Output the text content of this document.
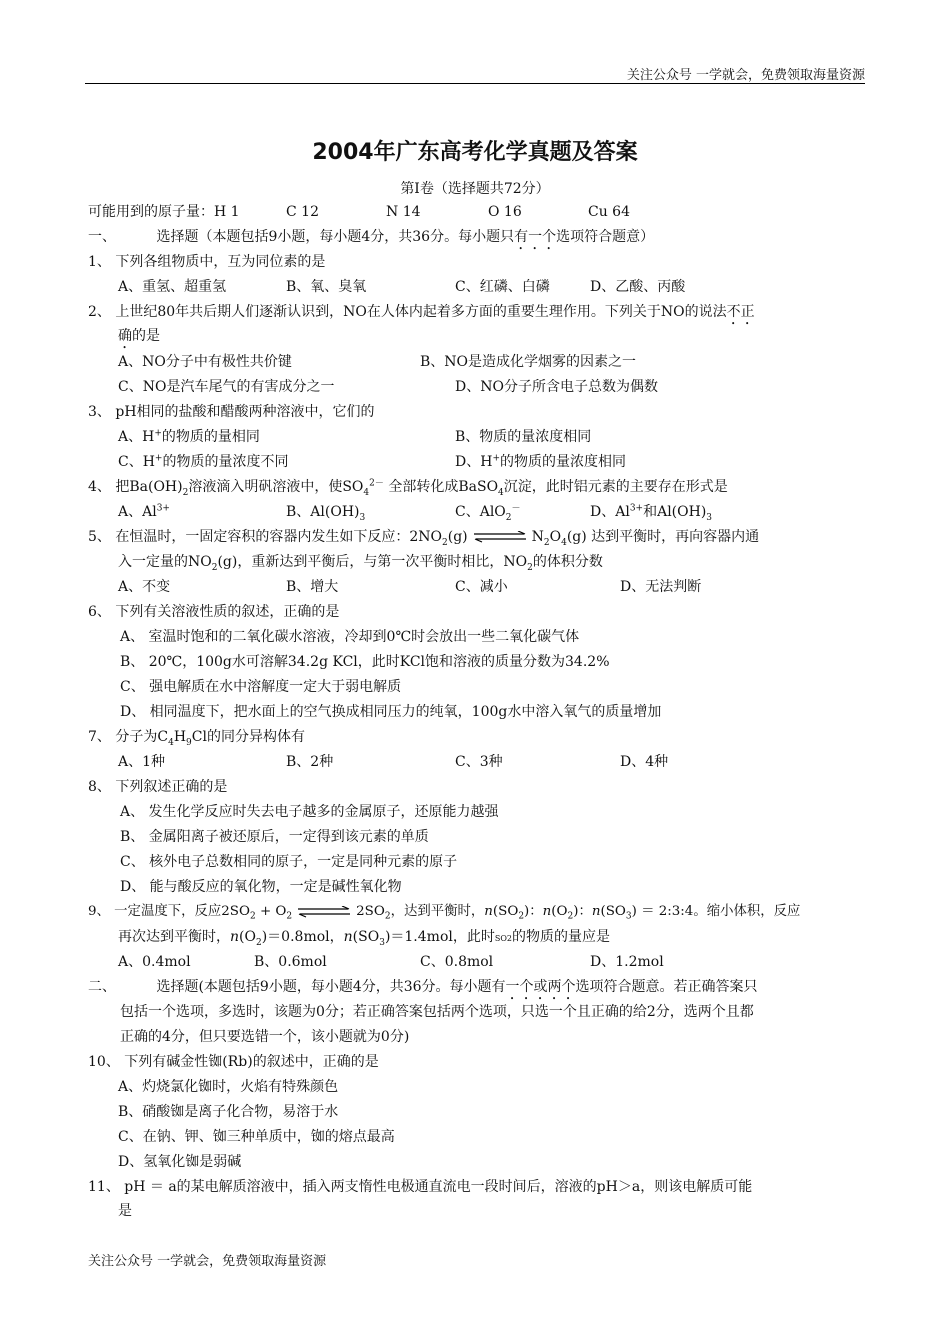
关注公众号 一学就会，免费领取海量资源
2004年广东高考化学真题及答案
第Ⅰ卷（选择题共72分）
可能用到的原子量：H 1	C 12	N 14	O 16	Cu 64
一、	选择题（本题包括9小题，每小题4分，共36分。每小题只有一个选项符合题意）
1、 下列各组物质中，互为同位素的是
A、重氢、超重氢	B、氧、臭氧	C、红磷、白磷	D、乙酸、丙酸
2、 上世纪80年共后期人们逐渐认识到，NO在人体内起着多方面的重要生理作用。下列关于NO的说法不正
确的是
A、NO分子中有极性共价键	B、NO是造成化学烟雾的因素之一
C、NO是汽车尾气的有害成分之一	D、NO分子所含电子总数为偶数
3、 pH相同的盐酸和醋酸两种溶液中，它们的
A、H+的物质的量相同	B、物质的量浓度相同
C、H+的物质的量浓度不同	D、H+的物质的量浓度相同
4、 把$Ba(OH)_2$溶液滴入明矾溶液中，使$SO_4^{2-}$ 全部转化成BaSO$_4$沉淀，此时铝元素的主要存在形式是
A、$Al^{3+}$	B、$Al(OH)_3$	C、AlO$_2$－	D、$Al^{3+}$和$Al(OH)_3$
5、 在恒温时，一固定容积的容器内发生如下反应：$2NO_2(g)$ ⇌ $N_2O_4(g)$ 达到平衡时，再向容器内通
入一定量的$NO_2(g)$，重新达到平衡后，与第一次平衡时相比，$NO_2$的体积分数
A、不变	B、增大	C、减小	D、无法判断
6、 下列有关溶液性质的叙述，正确的是
A、 室温时饱和的二氧化碳水溶液，冷却到0℃时会放出一些二氧化碳气体
B、 20℃，100g水可溶解34.2g KCl，此时KCl饱和溶液的质量分数为34.2%
C、 强电解质在水中溶解度一定大于弱电解质
D、 相同温度下，把水面上的空气换成相同压力的纯氧，100g水中溶入氧气的质量增加
7、 分子为$C_4H_9Cl$的同分异构体有
A、1种	B、2种	C、3种	D、4种
8、 下列叙述正确的是
A、 发生化学反应时失去电子越多的金属原子，还原能力越强
B、 金属阳离子被还原后，一定得到该元素的单质
C、 核外电子总数相同的原子，一定是同种元素的原子
D、 能与酸反应的氧化物，一定是碱性氧化物
9、 一定温度下，反应$2SO_2 + O_2$	$2SO_2$，达到平衡时，$n(SO_2)$：$n(O_2)$：$n(SO_3)$ ＝ 2:3:4。缩小体积，反应
再次达到平衡时，$n(O_2)=0.8mol$，$n(SO_3)=1.4mol$，此时SO2的物质的量应是
A、0.4mol	B、0.6mol	C、0.8mol	D、1.2mol
二、	选择题(本题包括9小题，每小题4分，共36分。每小题有一个或两个选项符合题意。若正确答案只
包括一个选项，多选时，该题为0分；若正确答案包括两个选项，只选一个且正确的给2分，选两个且都
正确的4分，但只要选错一个，该小题就为0分)
10、 下列有碱金性铷(Rb)的叙述中，正确的是
A、灼烧氯化铷时，火焰有特殊颜色
B、硝酸铷是离子化合物，易溶于水
C、在钠、钾、铷三种单质中，铷的熔点最高
D、氢氧化铷是弱碱
11、 pH ＝ a的某电解质溶液中，插入两支惰性电极通直流电一段时间后，溶液的pH＞a，则该电解质可能
是
关注公众号 一学就会，免费领取海量资源
